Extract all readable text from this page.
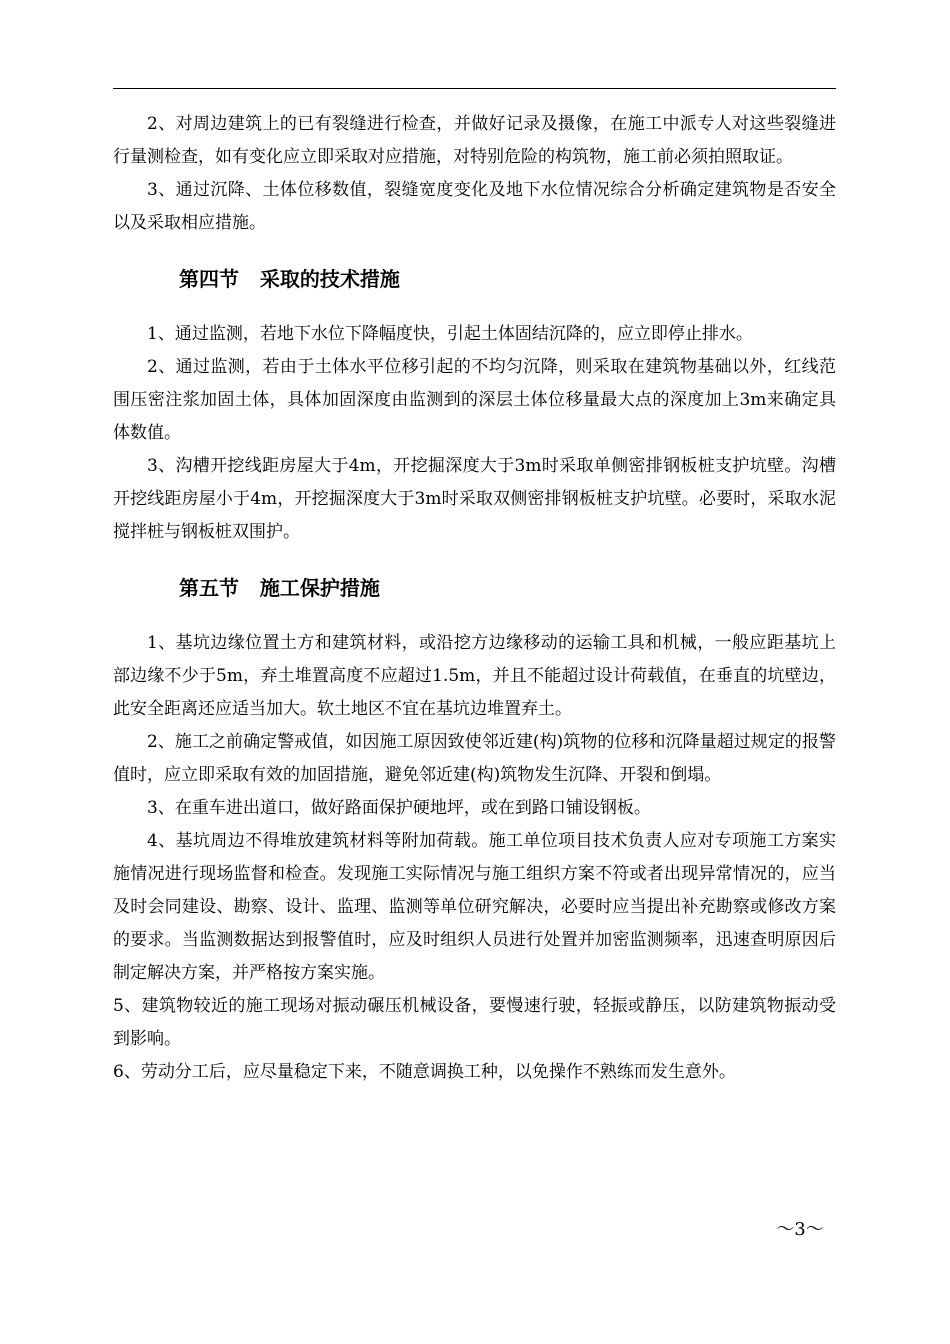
2、对周边建筑上的已有裂缝进行检查，并做好记录及摄像，在施工中派专人对这些裂缝进行量测检查，如有变化应立即采取对应措施，对特别危险的构筑物，施工前必须拍照取证。

3、通过沉降、土体位移数值，裂缝宽度变化及地下水位情况综合分析确定建筑物是否安全以及采取相应措施。

第四节   采取的技术措施

1、通过监测，若地下水位下降幅度快，引起土体固结沉降的，应立即停止排水。

2、通过监测，若由于土体水平位移引起的不均匀沉降，则采取在建筑物基础以外，红线范围压密注浆加固土体，具体加固深度由监测到的深层土体位移量最大点的深度加上3m来确定具体数值。

3、沟槽开挖线距房屋大于4m，开挖掘深度大于3m时采取单侧密排钢板桩支护坑壁。沟槽开挖线距房屋小于4m，开挖掘深度大于3m时采取双侧密排钢板桩支护坑壁。必要时，采取水泥搅拌桩与钢板桩双围护。

第五节   施工保护措施

1、基坑边缘位置土方和建筑材料，或沿挖方边缘移动的运输工具和机械，一般应距基坑上部边缘不少于5m，弃土堆置高度不应超过1.5m，并且不能超过设计荷载值，在垂直的坑壁边，此安全距离还应适当加大。软土地区不宜在基坑边堆置弃土。

2、施工之前确定警戒值，如因施工原因致使邻近建(构)筑物的位移和沉降量超过规定的报警值时，应立即采取有效的加固措施，避免邻近建(构)筑物发生沉降、开裂和倒塌。

3、在重车进出道口，做好路面保护硬地坪，或在到路口铺设钢板。

4、基坑周边不得堆放建筑材料等附加荷载。施工单位项目技术负责人应对专项施工方案实施情况进行现场监督和检查。发现施工实际情况与施工组织方案不符或者出现异常情况的，应当及时会同建设、勘察、设计、监理、监测等单位研究解决，必要时应当提出补充勘察或修改方案的要求。当监测数据达到报警值时，应及时组织人员进行处置并加密监测频率，迅速查明原因后制定解决方案，并严格按方案实施。

5、建筑物较近的施工现场对振动碾压机械设备，要慢速行驶，轻振或静压，以防建筑物振动受到影响。

6、劳动分工后，应尽量稳定下来，不随意调换工种，以免操作不熟练而发生意外。

～3～
